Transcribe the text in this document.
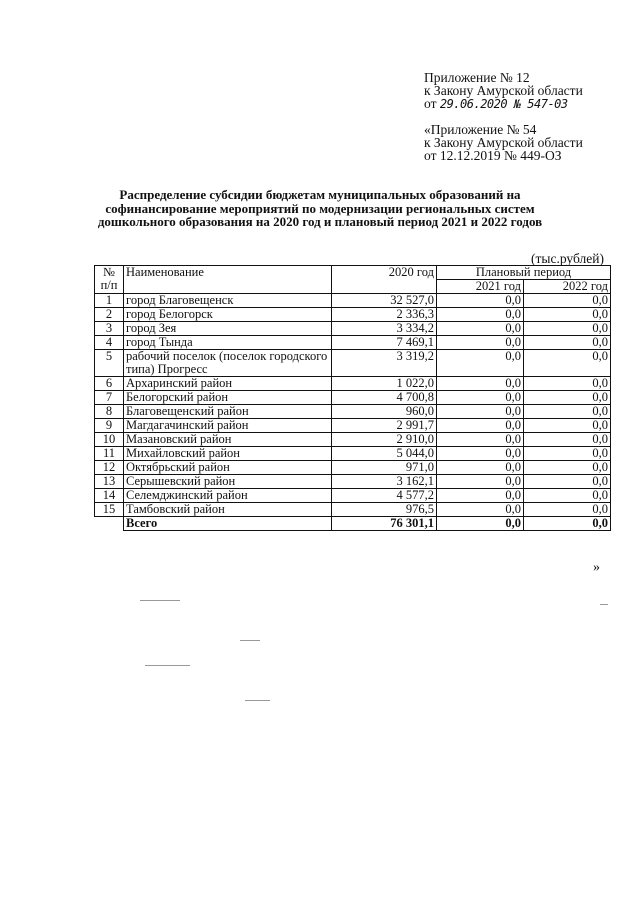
Приложение № 12
к Закону Амурской области
от 29.06.2020 № 547-03
«Приложение № 54
к Закону Амурской области
от 12.12.2019 № 449-ОЗ
Распределение субсидии бюджетам муниципальных образований на софинансирование мероприятий по модернизации региональных систем дошкольного образования на 2020 год и плановый период 2021 и 2022 годов
(тыс.рублей)
№ п/п	Наименование	2020 год	Плановый период	
			2021 год	2022 год
1	город Благовещенск	32 527,0	0,0	0,0
2	город Белогорск	2 336,3	0,0	0,0
3	город Зея	3 334,2	0,0	0,0
4	город Тында	7 469,1	0,0	0,0
5	рабочий поселок (поселок городского типа) Прогресс	3 319,2	0,0	0,0
6	Архаринский район	1 022,0	0,0	0,0
7	Белогорский район	4 700,8	0,0	0,0
8	Благовещенский район	960,0	0,0	0,0
9	Магдагачинский район	2 991,7	0,0	0,0
10	Мазановский район	2 910,0	0,0	0,0
11	Михайловский район	5 044,0	0,0	0,0
12	Октябрьский район	971,0	0,0	0,0
13	Серышевский район	3 162,1	0,0	0,0
14	Селемджинский район	4 577,2	0,0	0,0
15	Тамбовский район	976,5	0,0	0,0
	Всего	76 301,1	0,0	0,0
»
